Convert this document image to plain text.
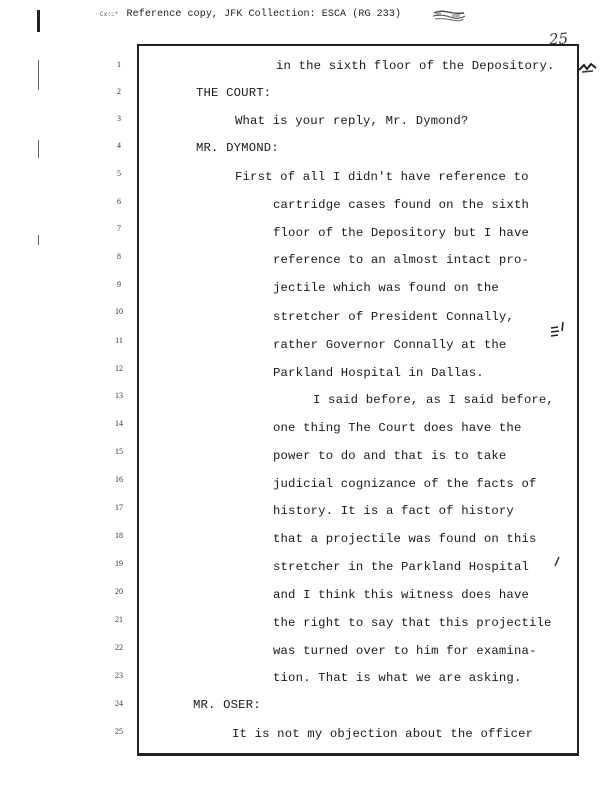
Cx::* Reference copy, JFK Collection: ESCA (RG 233)
25
1
2
3
4
5
6
7
8
9
10
11
12
13
14
15
16
17
18
19
20
21
22
23
24
25
in the sixth floor of the Depository.
THE COURT:
What is your reply, Mr. Dymond?
MR. DYMOND:
First of all I didn't have reference to
cartridge cases found on the sixth
floor of the Depository but I have
reference to an almost intact pro-
jectile which was found on the
stretcher of President Connally,
rather Governor Connally at the
Parkland Hospital in Dallas.
I said before, as I said before,
one thing The Court does have the
power to do and that is to take
judicial cognizance of the facts of
history. It is a fact of history
that a projectile was found on this
stretcher in the Parkland Hospital
and I think this witness does have
the right to say that this projectile
was turned over to him for examina-
tion. That is what we are asking.
MR. OSER:
It is not my objection about the officer
